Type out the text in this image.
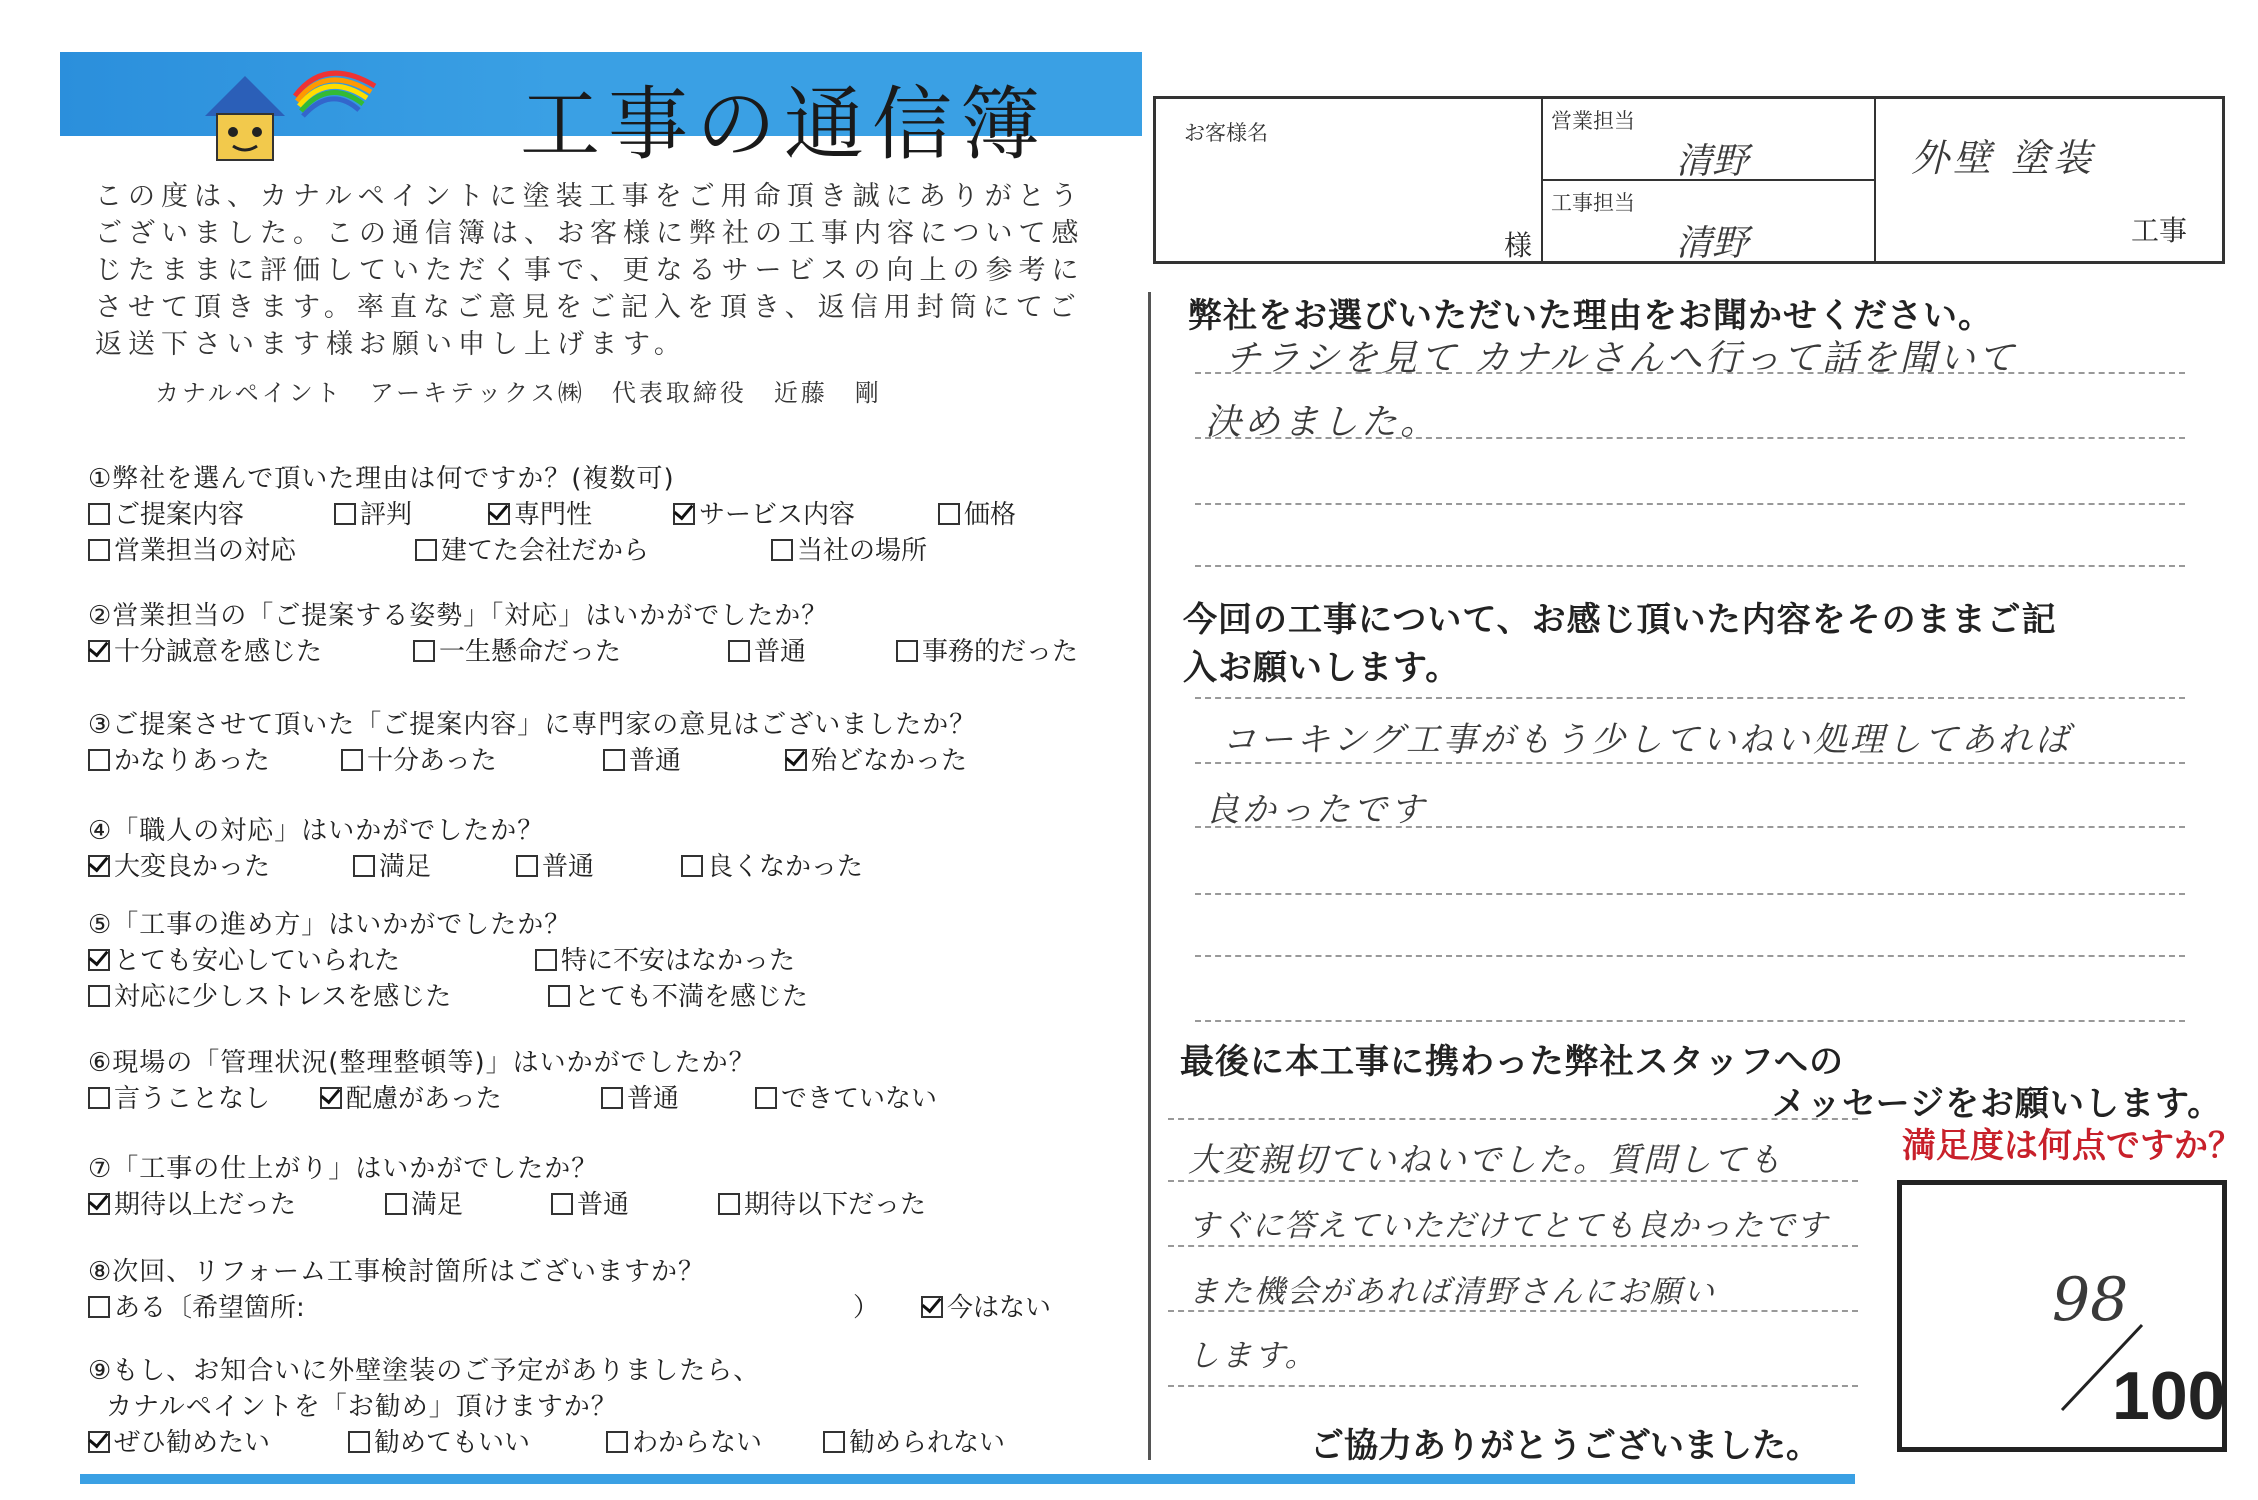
工事の通信簿
この度は、カナルペイントに塗装工事をご用命頂き誠にありがとう
ございました。この通信簿は、お客様に弊社の工事内容について感
じたままに評価していただく事で、更なるサービスの向上の参考に
させて頂きます。率直なご意見をご記入を頂き、返信用封筒にてご
返送下さいます様お願い申し上げます。
カナルペイント　アーキテックス㈱　代表取締役　近藤　剛
①弊社を選んで頂いた理由は何ですか？(複数可)
ご提案内容	評判	専門性	サービス内容	価格
営業担当の対応	建てた会社だから	当社の場所
②営業担当の「ご提案する姿勢」「対応」はいかがでしたか？
十分誠意を感じた	一生懸命だった	普通	事務的だった
③ご提案させて頂いた「ご提案内容」に専門家の意見はございましたか？
かなりあった	十分あった	普通	殆どなかった
④「職人の対応」はいかがでしたか？
大変良かった	満足	普通	良くなかった
⑤「工事の進め方」はいかがでしたか？
とても安心していられた	特に不安はなかった
対応に少しストレスを感じた	とても不満を感じた
⑥現場の「管理状況(整理整頓等)」はいかがでしたか？
言うことなし	配慮があった	普通	できていない
⑦「工事の仕上がり」はいかがでしたか？
期待以上だった	満足	普通	期待以下だった
⑧次回、リフォーム工事検討箇所はございますか？
ある〔希望箇所:	）	今はない
⑨もし、お知合いに外壁塗装のご予定がありましたら、
カナルペイントを「お勧め」頂けますか？
ぜひ勧めたい	勧めてもいい	わからない	勧められない
お客様名
様
営業担当
清野
工事担当
清野
外壁 塗装
工事
弊社をお選びいただいた理由をお聞かせください。
チラシを見て カナルさんへ行って話を聞いて
決めました。
今回の工事について、お感じ頂いた内容をそのままご記
入お願いします。
コーキング工事がもう少していねい処理してあれば
良かったです
最後に本工事に携わった弊社スタッフへの
メッセージをお願いします。
大変親切ていねいでした。質問しても
すぐに答えていただけてとても良かったです
また機会があれば清野さんにお願い
します。
満足度は何点ですか？
98
100
ご協力ありがとうございました。
